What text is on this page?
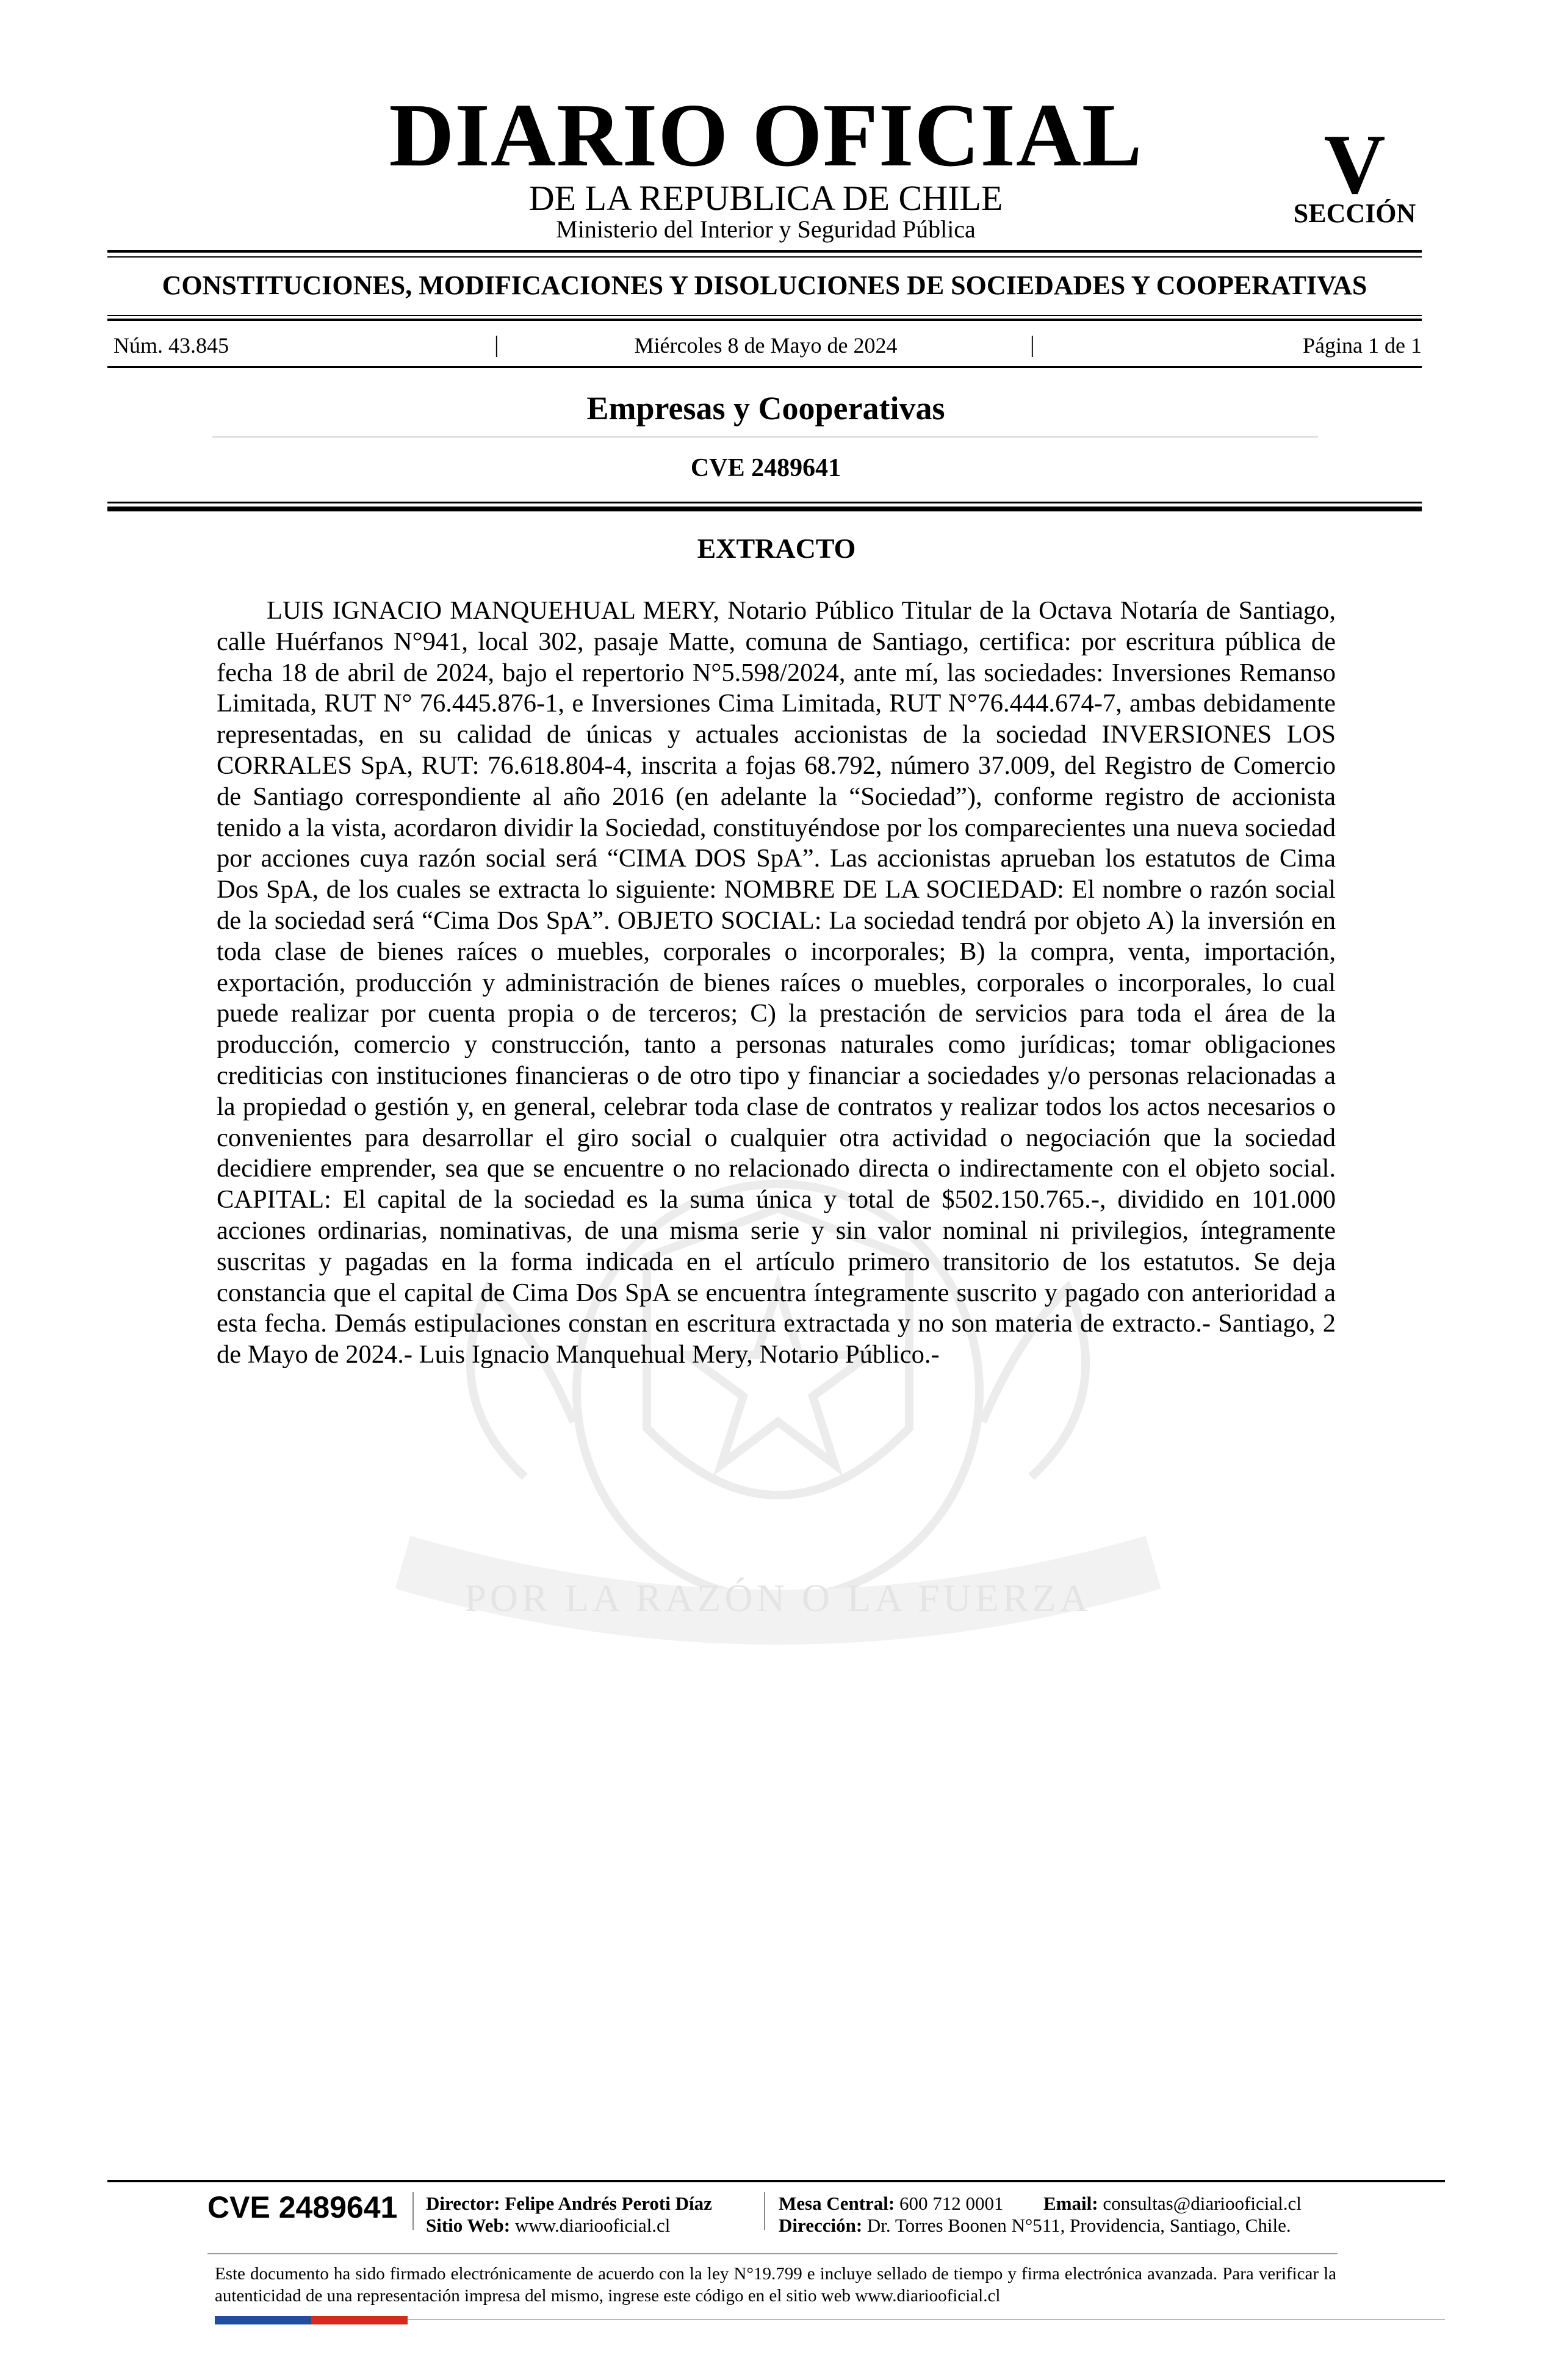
DIARIO OFICIAL
DE LA REPUBLICA DE CHILE
Ministerio del Interior y Seguridad Pública
V
SECCIÓN
CONSTITUCIONES, MODIFICACIONES Y DISOLUCIONES DE SOCIEDADES Y COOPERATIVAS
Núm. 43.845	|	Miércoles 8 de Mayo de 2024	|	Página 1 de 1
Empresas y Cooperativas
CVE 2489641
POR LA RAZÓN O LA FUERZA
EXTRACTO

LUIS IGNACIO MANQUEHUAL MERY, Notario Público Titular de la Octava Notaría de Santiago, calle Huérfanos N°941, local 302, pasaje Matte, comuna de Santiago, certifica: por escritura pública de fecha 18 de abril de 2024, bajo el repertorio N°5.598/2024, ante mí, las sociedades: Inversiones Remanso Limitada, RUT N° 76.445.876-1, e Inversiones Cima Limitada, RUT N°76.444.674-7, ambas debidamente representadas, en su calidad de únicas y actuales accionistas de la sociedad INVERSIONES LOS CORRALES SpA, RUT: 76.618.804-4, inscrita a fojas 68.792, número 37.009, del Registro de Comercio de Santiago correspondiente al año 2016 (en adelante la “Sociedad”), conforme registro de accionista tenido a la vista, acordaron dividir la Sociedad, constituyéndose por los comparecientes una nueva sociedad por acciones cuya razón social será “CIMA DOS SpA”. Las accionistas aprueban los estatutos de Cima Dos SpA, de los cuales se extracta lo siguiente: NOMBRE DE LA SOCIEDAD: El nombre o razón social de la sociedad será “Cima Dos SpA”. OBJETO SOCIAL: La sociedad tendrá por objeto A) la inversión en toda clase de bienes raíces o muebles, corporales o incorporales; B) la compra, venta, importación, exportación, producción y administración de bienes raíces o muebles, corporales o incorporales, lo cual puede realizar por cuenta propia o de terceros; C) la prestación de servicios para toda el área de la producción, comercio y construcción, tanto a personas naturales como jurídicas; tomar obligaciones crediticias con instituciones financieras o de otro tipo y financiar a sociedades y/o personas relacionadas a la propiedad o gestión y, en general, celebrar toda clase de contratos y realizar todos los actos necesarios o convenientes para desarrollar el giro social o cualquier otra actividad o negociación que la sociedad decidiere emprender, sea que se encuentre o no relacionado directa o indirectamente con el objeto social. CAPITAL: El capital de la sociedad es la suma única y total de $502.150.765.-, dividido en 101.000 acciones ordinarias, nominativas, de una misma serie y sin valor nominal ni privilegios, íntegramente suscritas y pagadas en la forma indicada en el artículo primero transitorio de los estatutos. Se deja constancia que el capital de Cima Dos SpA se encuentra íntegramente suscrito y pagado con anterioridad a esta fecha. Demás estipulaciones constan en escritura extractada y no son materia de extracto.- Santiago, 2 de Mayo de 2024.- Luis Ignacio Manquehual Mery, Notario Público.-

CVE 2489641 Director: Felipe Andrés Peroti Díaz
Sitio Web: www.diariooficial.cl
Mesa Central: 600 712 0001 Email: consultas@diariooficial.cl
Dirección: Dr. Torres Boonen N°511, Providencia, Santiago, Chile.

Este documento ha sido firmado electrónicamente de acuerdo con la ley N°19.799 e incluye sellado de tiempo y firma electrónica avanzada. Para verificar la autenticidad de una representación impresa del mismo, ingrese este código en el sitio web www.diariooficial.cl
